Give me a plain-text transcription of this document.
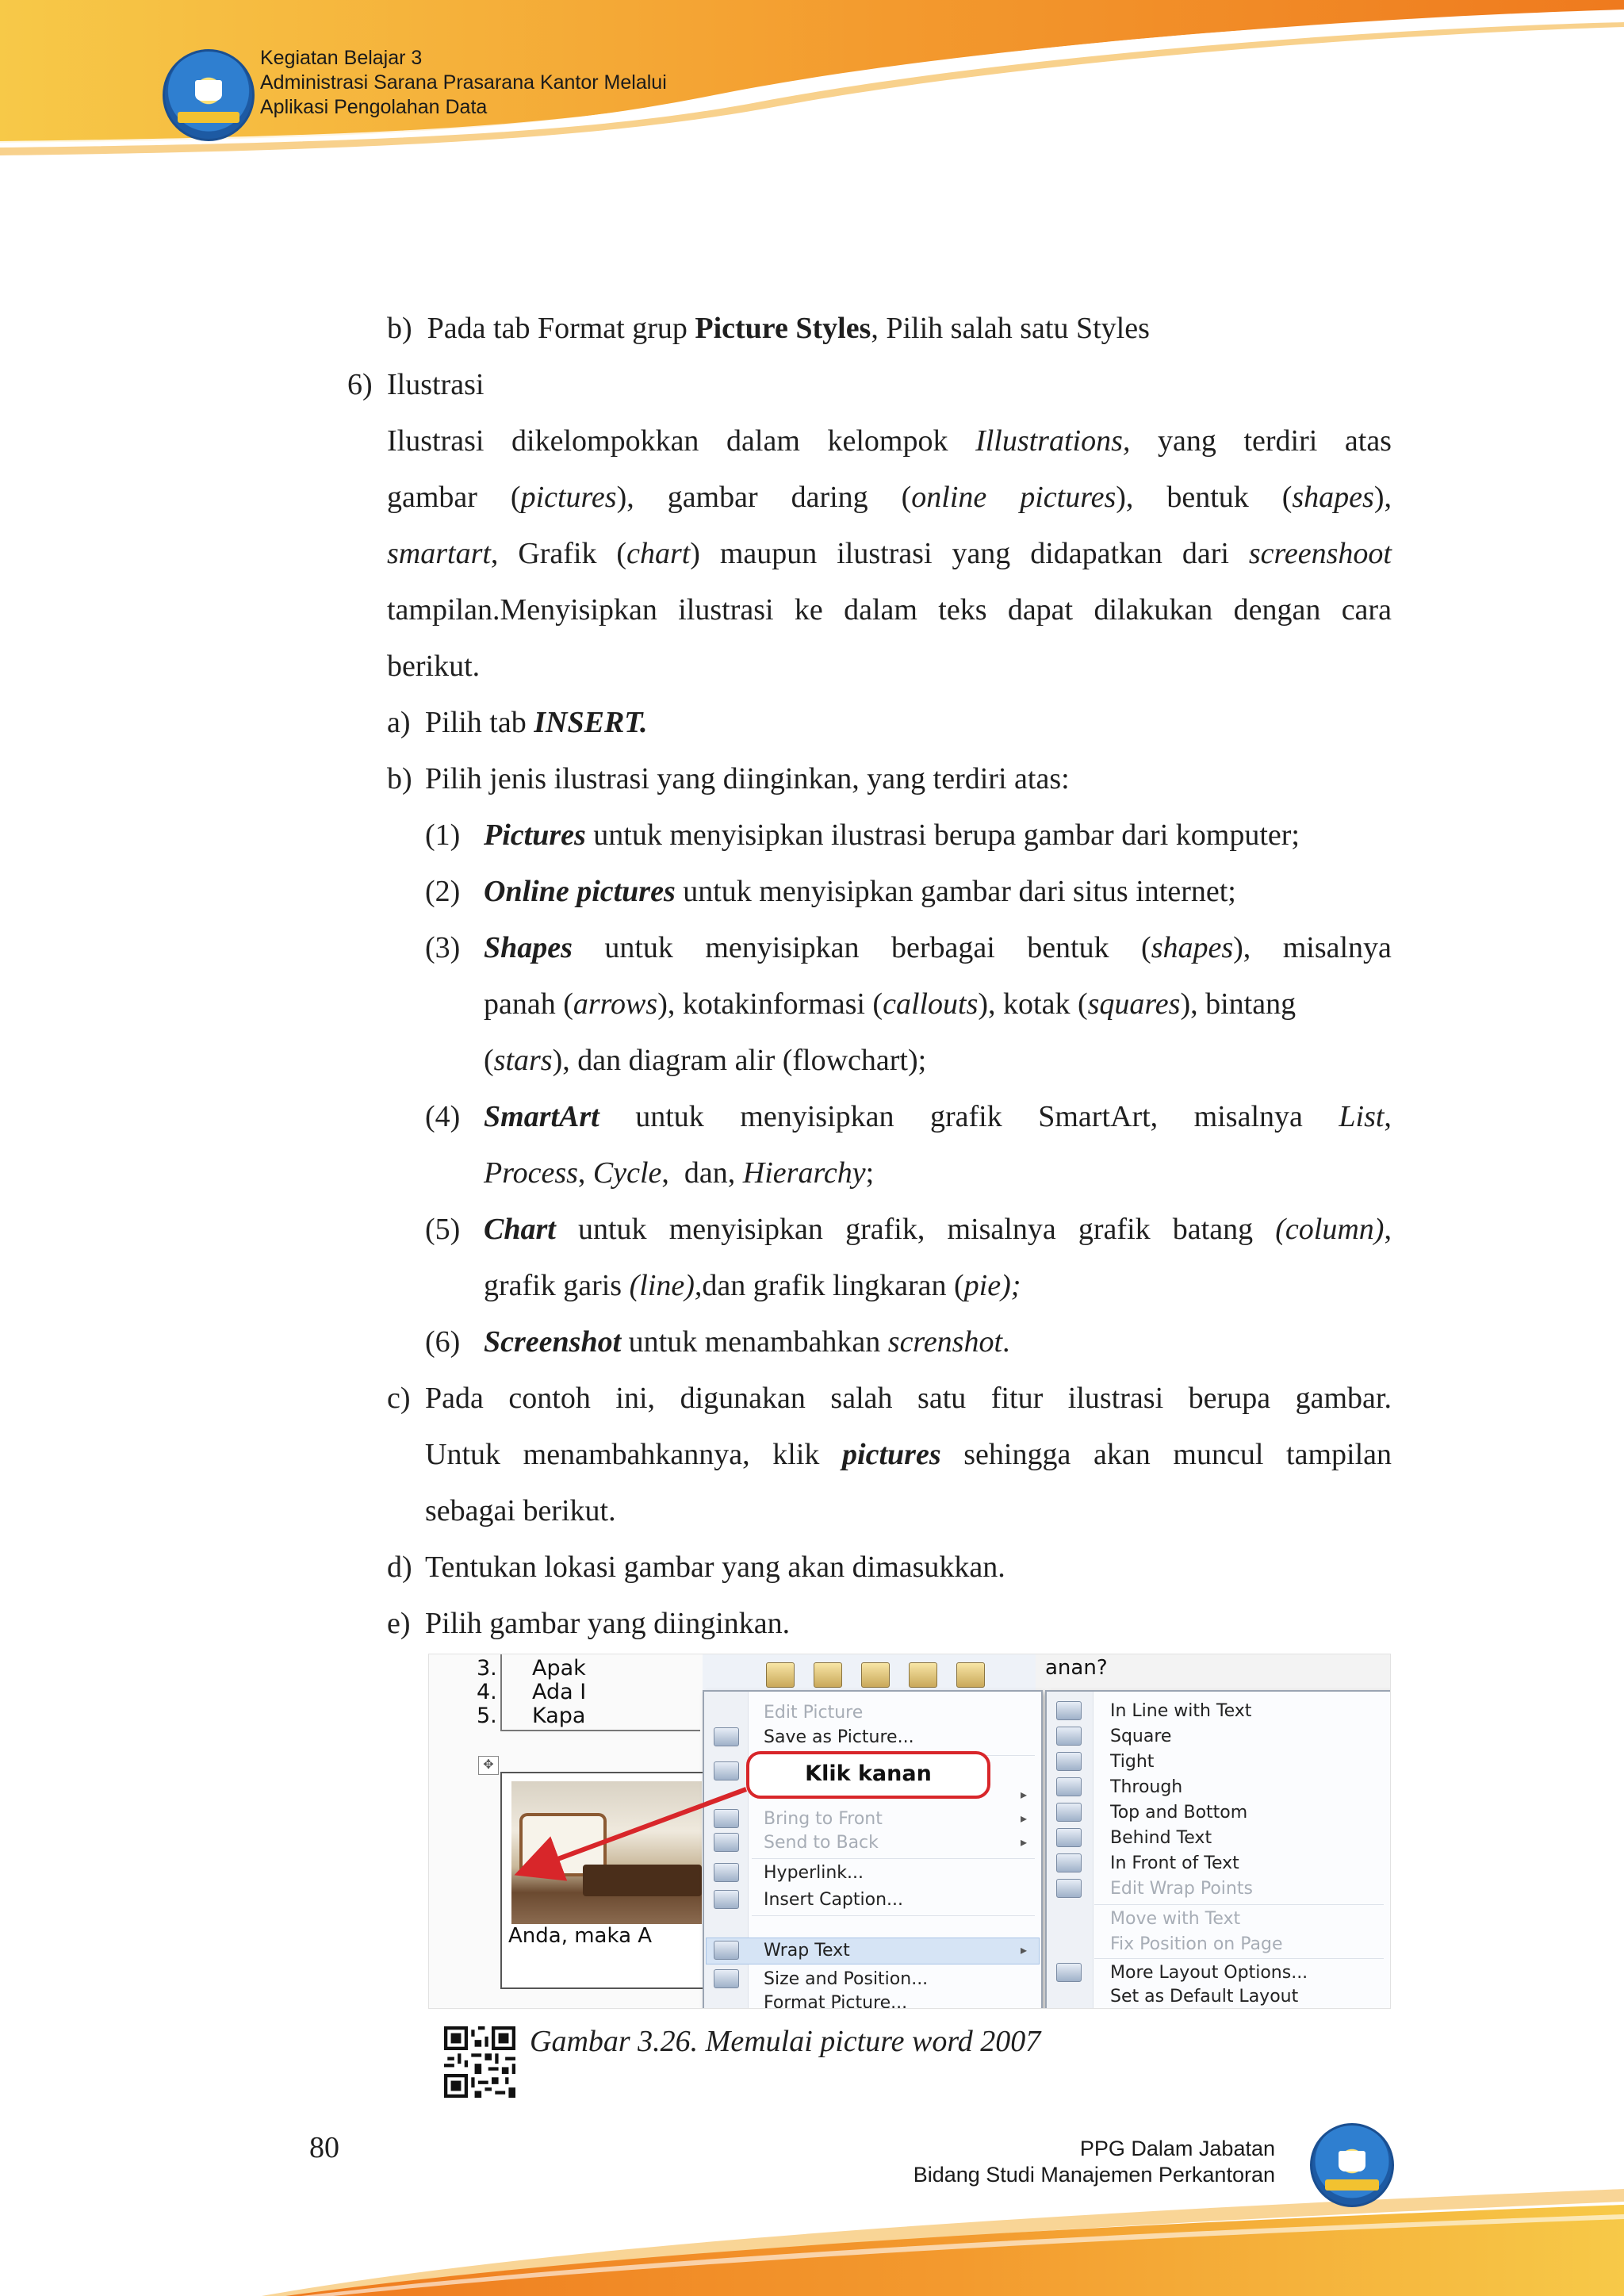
Kegiatan Belajar 3
Administrasi Sarana Prasarana Kantor Melalui
Aplikasi Pengolahan Data
b) Pada tab Format grup Picture Styles, Pilih salah satu Styles
6) Ilustrasi
Ilustrasi dikelompokkan dalam kelompok Illustrations, yang terdiri atas
gambar (pictures), gambar daring (online pictures), bentuk (shapes),
smartart, Grafik (chart) maupun ilustrasi yang didapatkan dari screenshoot
tampilan.Menyisipkan ilustrasi ke dalam teks dapat dilakukan dengan cara
berikut.
a) Pilih tab INSERT.
b) Pilih jenis ilustrasi yang diinginkan, yang terdiri atas:
(1) Pictures untuk menyisipkan ilustrasi berupa gambar dari komputer;
(2) Online pictures untuk menyisipkan gambar dari situs internet;
(3) Shapes untuk menyisipkan berbagai bentuk (shapes), misalnya
panah (arrows), kotakinformasi (callouts), kotak (squares), bintang
(stars), dan diagram alir (flowchart);
(4) SmartArt untuk menyisipkan grafik SmartArt, misalnya List,
Process, Cycle,  dan, Hierarchy;
(5) Chart untuk menyisipkan grafik, misalnya grafik batang (column),
grafik garis (line),dan grafik lingkaran (pie);
(6) Screenshot untuk menambahkan screnshot.
c) Pada contoh ini, digunakan salah satu fitur ilustrasi berupa gambar.
Untuk menambahkannya, klik pictures sehingga akan muncul tampilan
sebagai berikut.
d) Tentukan lokasi gambar yang akan dimasukkan.
e) Pilih gambar yang diinginkan.
3. Apak
4. Ada I
5. Kapa
✥
Anda, maka A
anan?
Edit Picture
Save as Picture...
▸
Bring to Front	▸
Send to Back	▸
Hyperlink...
Insert Caption...
Wrap Text	▸
Size and Position...
Format Picture...
Klik kanan
In Line with Text
Square
Tight
Through
Top and Bottom
Behind Text
In Front of Text
Edit Wrap Points
Move with Text
Fix Position on Page
More Layout Options...
Set as Default Layout
Gambar 3.26. Memulai picture word 2007
80	PPG Dalam Jabatan
Bidang Studi Manajemen Perkantoran
